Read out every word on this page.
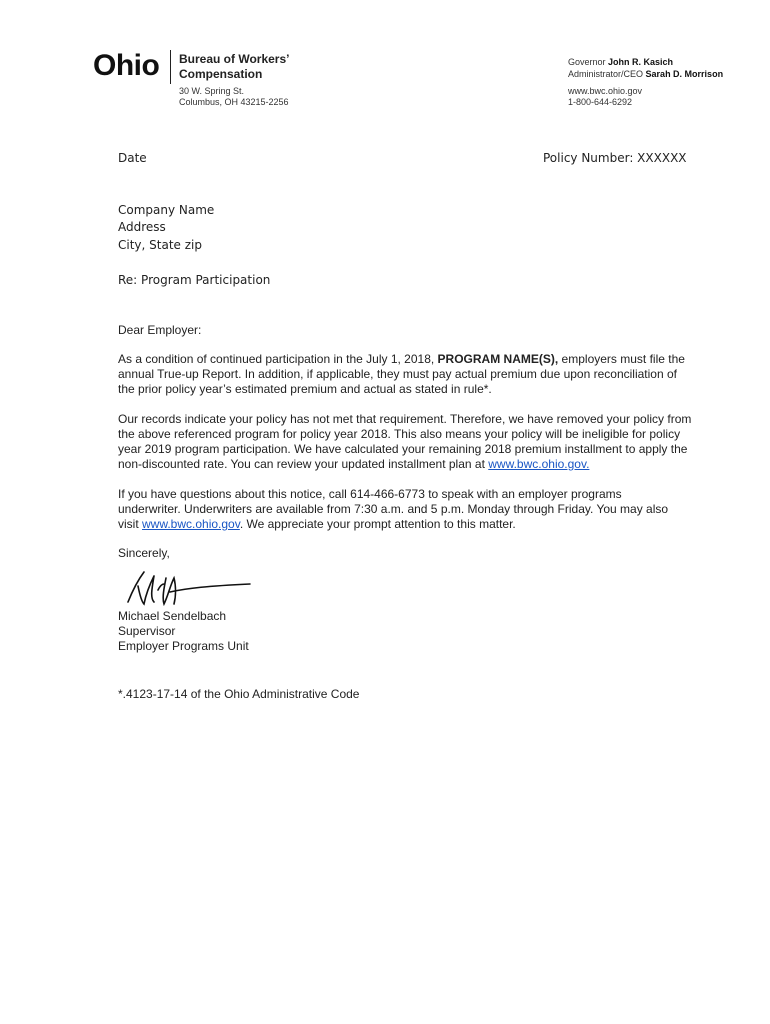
Ohio Bureau of Workers’
Compensation
30 W. Spring St.
Columbus, OH 43215-2256
Governor John R. Kasich
Administrator/CEO Sarah D. Morrison
www.bwc.ohio.gov
1-800-644-6292
Date	Policy Number: XXXXXX
Company Name
Address
City, State zip
Re: Program Participation
Dear Employer:
As a condition of continued participation in the July 1, 2018, PROGRAM NAME(S), employers must file the annual True-up Report. In addition, if applicable, they must pay actual premium due upon reconciliation of the prior policy year’s estimated premium and actual as stated in rule*.
Our records indicate your policy has not met that requirement. Therefore, we have removed your policy from the above referenced program for policy year 2018. This also means your policy will be ineligible for policy year 2019 program participation. We have calculated your remaining 2018 premium installment to apply the non-discounted rate. You can review your updated installment plan at www.bwc.ohio.gov.
If you have questions about this notice, call 614-466-6773 to speak with an employer programs underwriter. Underwriters are available from 7:30 a.m. and 5 p.m. Monday through Friday. You may also visit www.bwc.ohio.gov. We appreciate your prompt attention to this matter.
Sincerely,
Michael Sendelbach
Supervisor
Employer Programs Unit
*.4123-17-14 of the Ohio Administrative Code
